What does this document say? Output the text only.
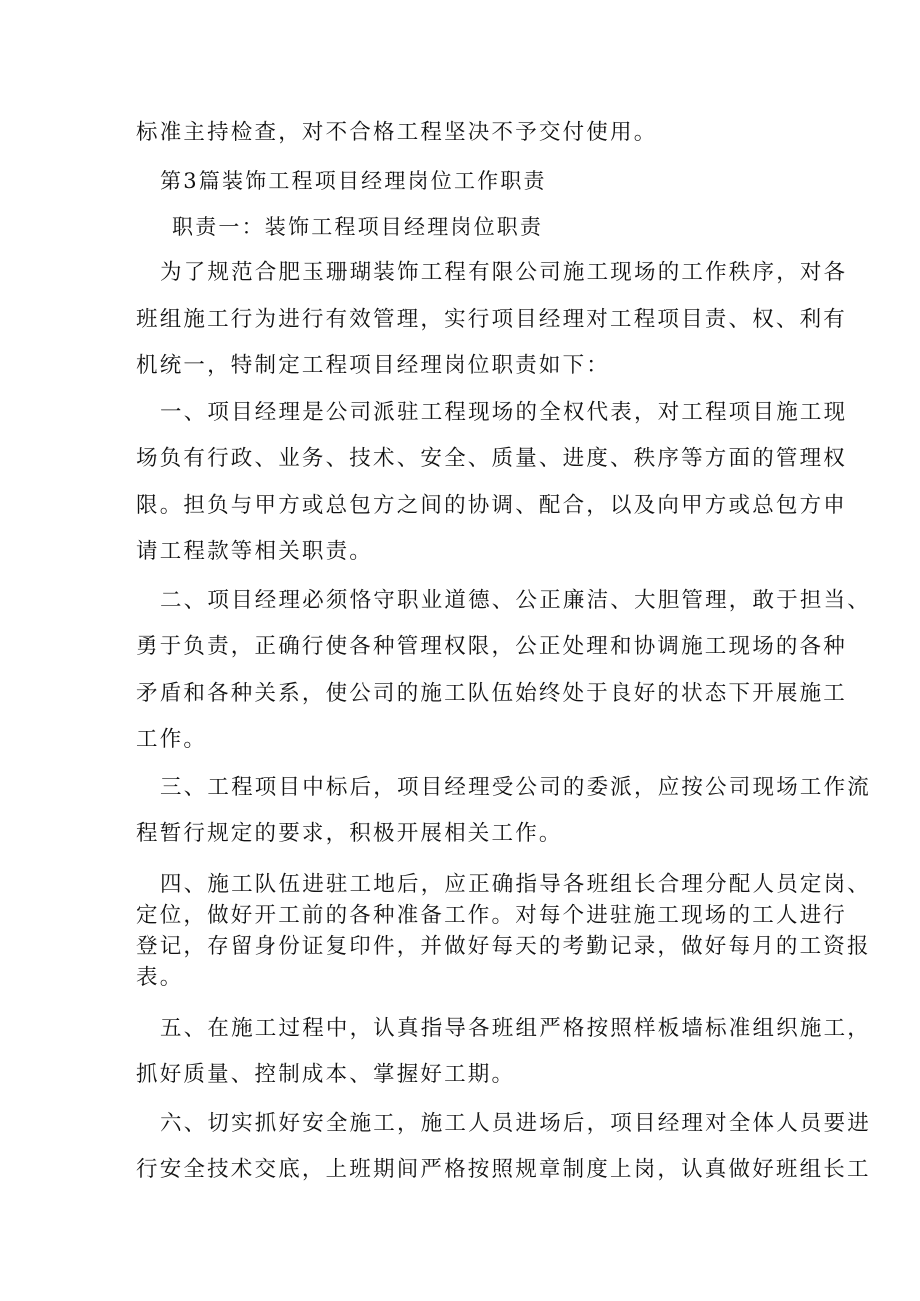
标准主持检查，对不合格工程坚决不予交付使用。
第3篇装饰工程项目经理岗位工作职责
职责一：装饰工程项目经理岗位职责
为了规范合肥玉珊瑚装饰工程有限公司施工现场的工作秩序，对各
班组施工行为进行有效管理，实行项目经理对工程项目责、权、利有
机统一，特制定工程项目经理岗位职责如下：
一、项目经理是公司派驻工程现场的全权代表，对工程项目施工现
场负有行政、业务、技术、安全、质量、进度、秩序等方面的管理权
限。担负与甲方或总包方之间的协调、配合，以及向甲方或总包方申
请工程款等相关职责。
二、项目经理必须恪守职业道德、公正廉洁、大胆管理，敢于担当、
勇于负责，正确行使各种管理权限，公正处理和协调施工现场的各种
矛盾和各种关系，使公司的施工队伍始终处于良好的状态下开展施工
工作。
三、工程项目中标后，项目经理受公司的委派，应按公司现场工作流
程暂行规定的要求，积极开展相关工作。
四、施工队伍进驻工地后，应正确指导各班组长合理分配人员定岗、
定位，做好开工前的各种准备工作。对每个进驻施工现场的工人进行
登记，存留身份证复印件，并做好每天的考勤记录，做好每月的工资报
表。
五、在施工过程中，认真指导各班组严格按照样板墙标准组织施工，
抓好质量、控制成本、掌握好工期。
六、切实抓好安全施工，施工人员进场后，项目经理对全体人员要进
行安全技术交底，上班期间严格按照规章制度上岗，认真做好班组长工
